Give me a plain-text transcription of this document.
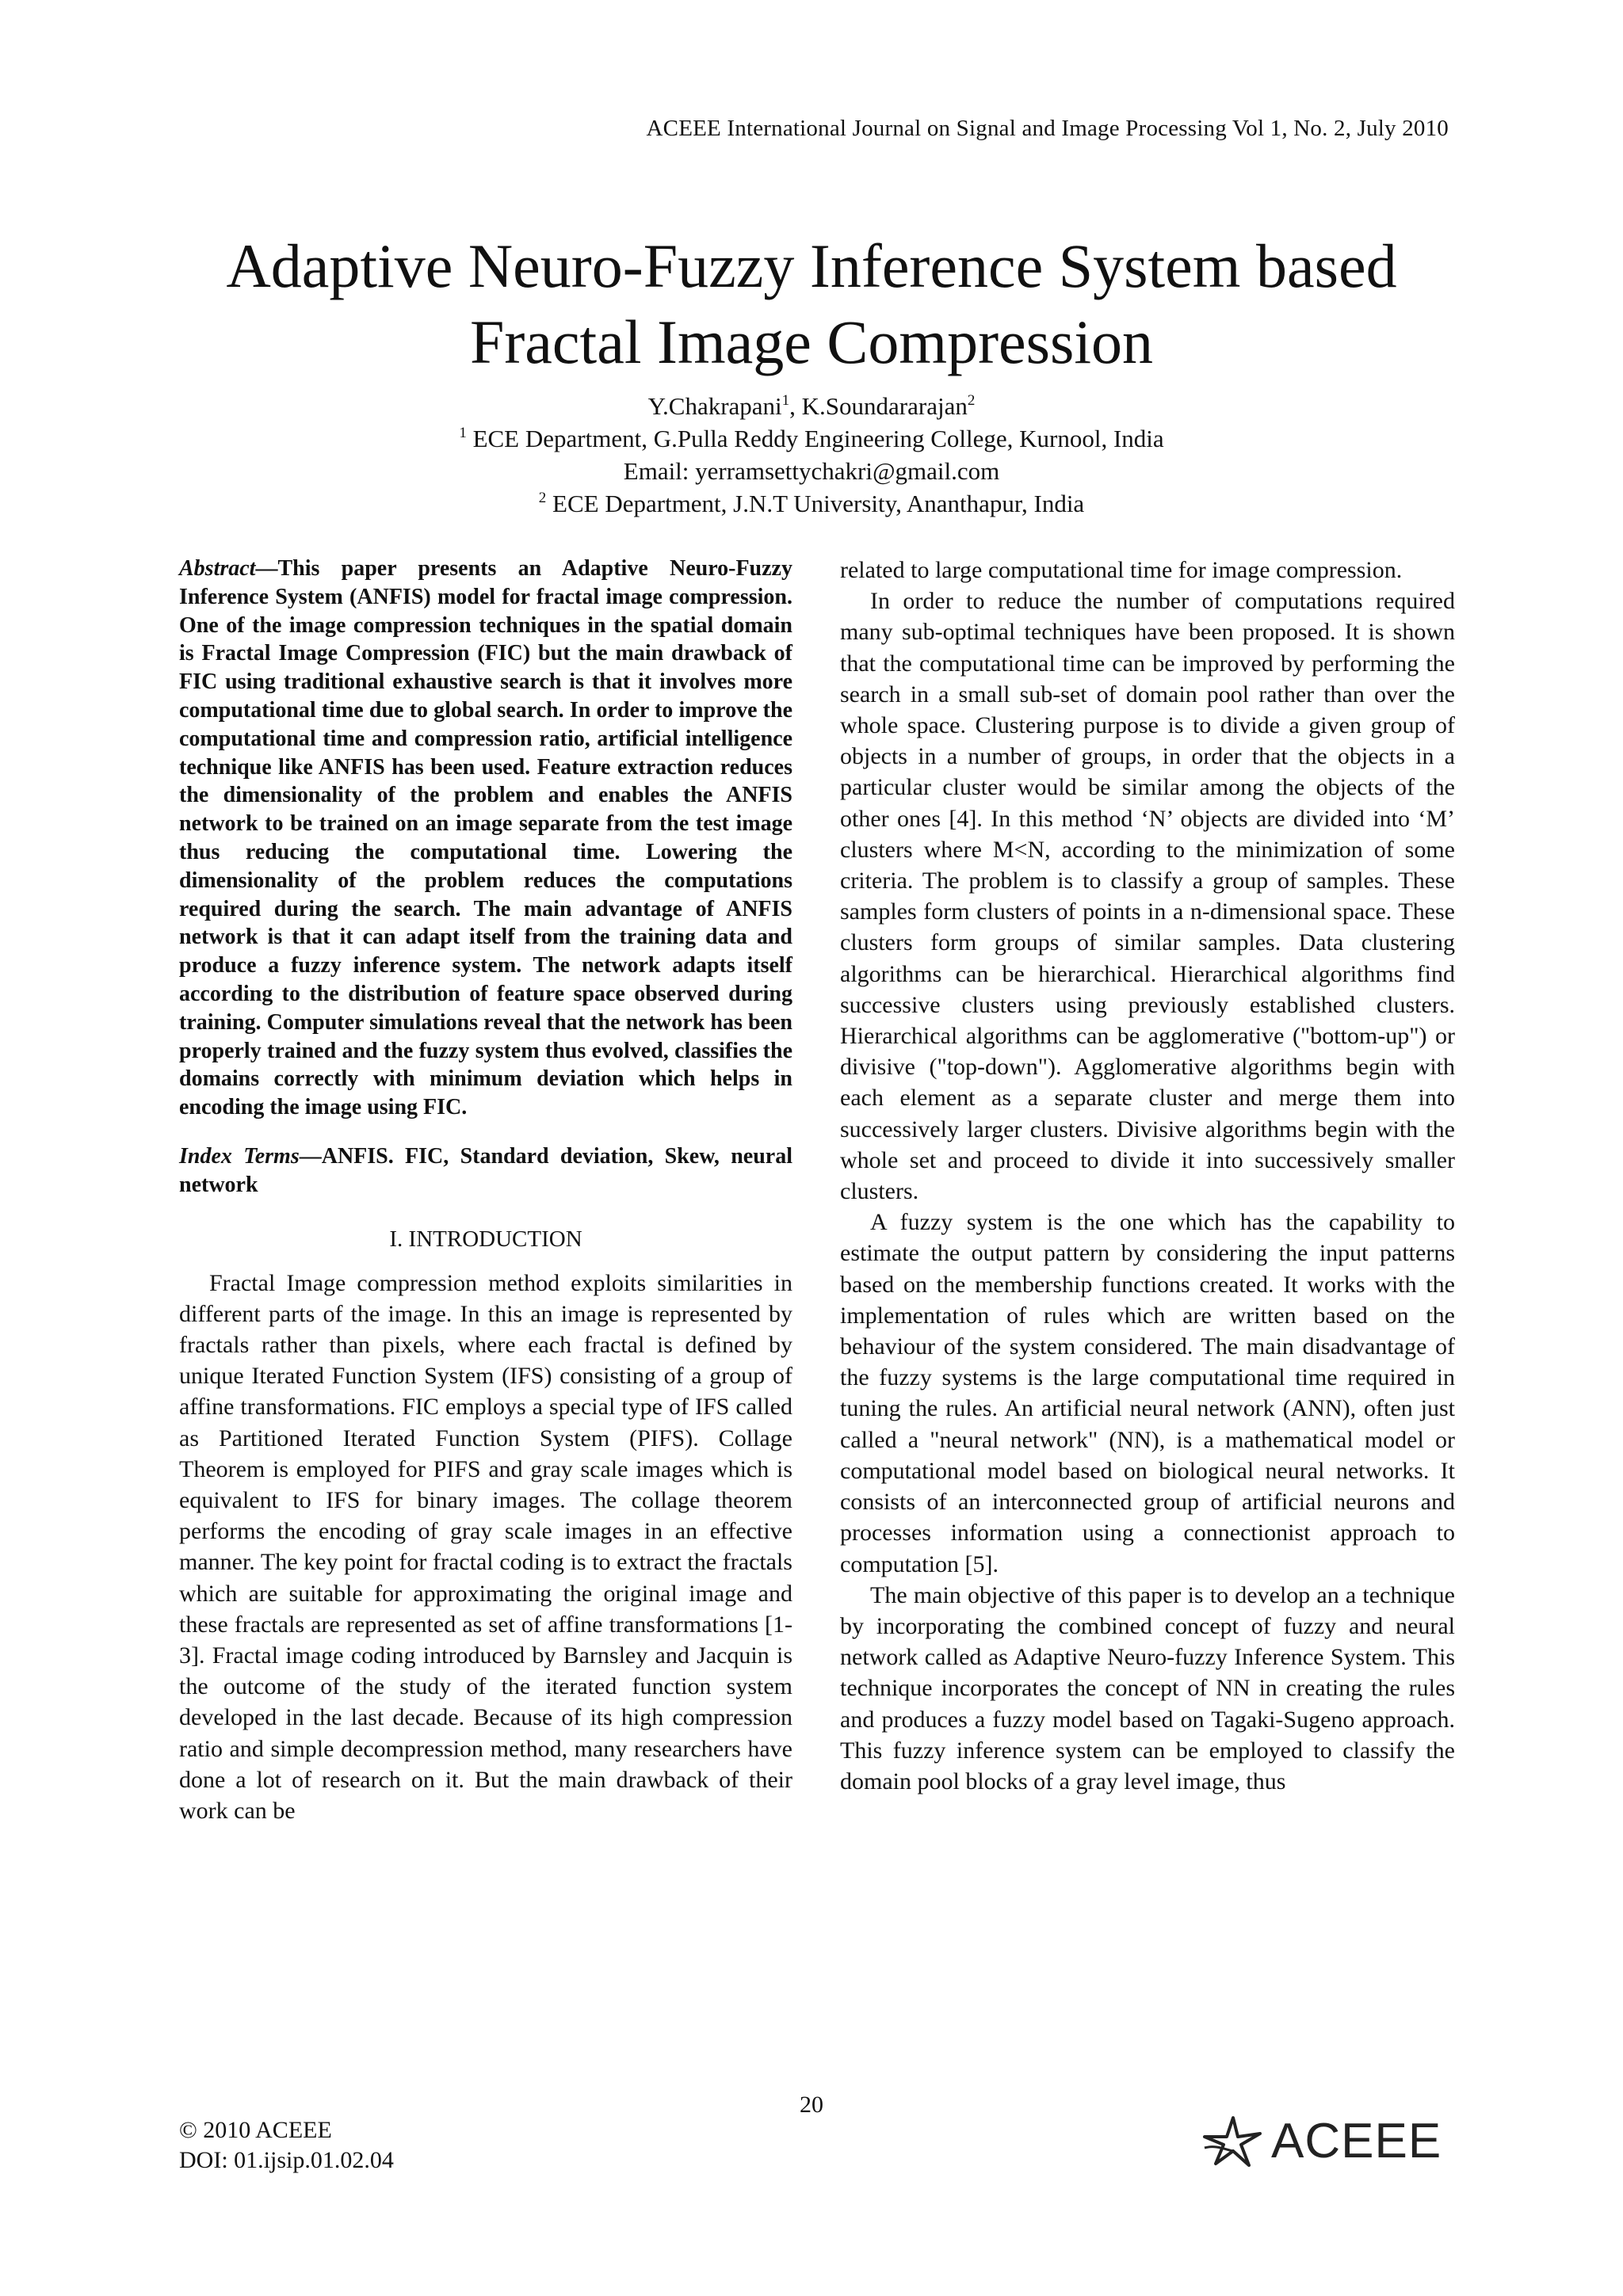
ACEEE International Journal on Signal and Image Processing Vol 1, No. 2, July 2010
Adaptive Neuro-Fuzzy Inference System based
Fractal Image Compression
Y.Chakrapani$^1$, K.Soundararajan$^2$
$^1$ ECE Department, G.Pulla Reddy Engineering College, Kurnool, India
Email: yerramsettychakri@gmail.com
$^2$ ECE Department, J.N.T University, Ananthapur, India

Abstract—This paper presents an Adaptive Neuro-Fuzzy Inference System (ANFIS) model for fractal image compression. One of the image compression techniques in the spatial domain is Fractal Image Compression (FIC) but the main drawback of FIC using traditional exhaustive search is that it involves more computational time due to global search. In order to improve the computational time and compression ratio, artificial intelligence technique like ANFIS has been used. Feature extraction reduces the dimensionality of the problem and enables the ANFIS network to be trained on an image separate from the test image thus reducing the computational time. Lowering the dimensionality of the problem reduces the computations required during the search. The main advantage of ANFIS network is that it can adapt itself from the training data and produce a fuzzy inference system. The network adapts itself according to the distribution of feature space observed during training. Computer simulations reveal that the network has been properly trained and the fuzzy system thus evolved, classifies the domains correctly with minimum deviation which helps in encoding the image using FIC.

Index Terms—ANFIS. FIC, Standard deviation, Skew, neural network

I. INTRODUCTION

Fractal Image compression method exploits similarities in different parts of the image. In this an image is represented by fractals rather than pixels, where each fractal is defined by unique Iterated Function System (IFS) consisting of a group of affine transformations. FIC employs a special type of IFS called as Partitioned Iterated Function System (PIFS). Collage Theorem is employed for PIFS and gray scale images which is equivalent to IFS for binary images. The collage theorem performs the encoding of gray scale images in an effective manner. The key point for fractal coding is to extract the fractals which are suitable for approximating the original image and these fractals are represented as set of affine transformations [1-3]. Fractal image coding introduced by Barnsley and Jacquin is the outcome of the study of the iterated function system developed in the last decade. Because of its high compression ratio and simple decompression method, many researchers have done a lot of research on it. But the main drawback of their work can be

related to large computational time for image compression.

In order to reduce the number of computations required many sub-optimal techniques have been proposed. It is shown that the computational time can be improved by performing the search in a small sub-set of domain pool rather than over the whole space. Clustering purpose is to divide a given group of objects in a number of groups, in order that the objects in a particular cluster would be similar among the objects of the other ones [4]. In this method ‘N’ objects are divided into ‘M’ clusters where M<N, according to the minimization of some criteria. The problem is to classify a group of samples. These samples form clusters of points in a n-dimensional space. These clusters form groups of similar samples. Data clustering algorithms can be hierarchical. Hierarchical algorithms find successive clusters using previously established clusters. Hierarchical algorithms can be agglomerative ("bottom-up") or divisive ("top-down"). Agglomerative algorithms begin with each element as a separate cluster and merge them into successively larger clusters. Divisive algorithms begin with the whole set and proceed to divide it into successively smaller clusters.

A fuzzy system is the one which has the capability to estimate the output pattern by considering the input patterns based on the membership functions created. It works with the implementation of rules which are written based on the behaviour of the system considered. The main disadvantage of the fuzzy systems is the large computational time required in tuning the rules. An artificial neural network (ANN), often just called a "neural network" (NN), is a mathematical model or computational model based on biological neural networks. It consists of an interconnected group of artificial neurons and processes information using a connectionist approach to computation [5].

The main objective of this paper is to develop an a technique by incorporating the combined concept of fuzzy and neural network called as Adaptive Neuro-fuzzy Inference System. This technique incorporates the concept of NN in creating the rules and produces a fuzzy model based on Tagaki-Sugeno approach. This fuzzy inference system can be employed to classify the domain pool blocks of a gray level image, thus

20
© 2010 ACEEE
DOI: 01.ijsip.01.02.04	ACEEE
